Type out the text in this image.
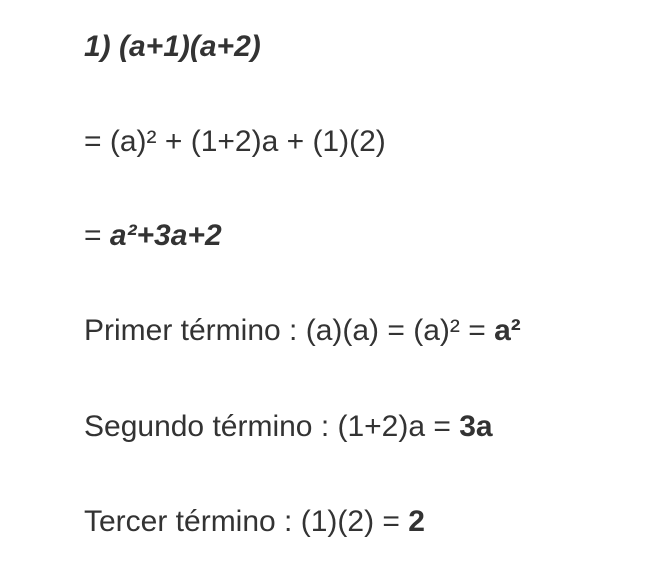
1) (a+1)(a+2)
= (a)² + (1+2)a + (1)(2)
= a²+3a+2
Primer término : (a)(a) = (a)² = a²
Segundo término : (1+2)a = 3a
Tercer término : (1)(2) = 2
